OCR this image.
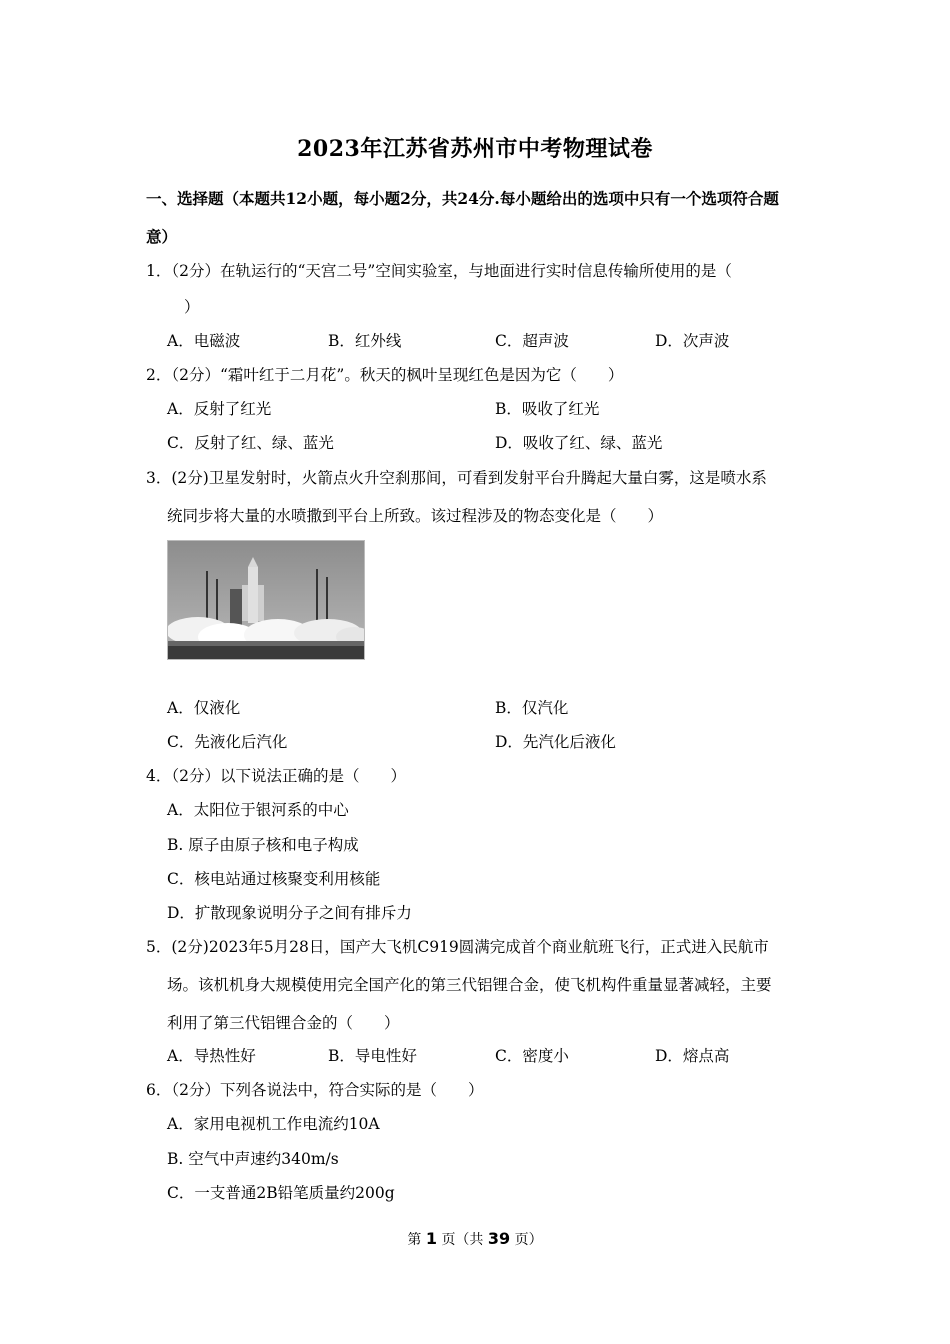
2023年江苏省苏州市中考物理试卷
一、选择题（本题共12小题，每小题2分，共24分.每小题给出的选项中只有一个选项符合题
意）
1．（2分）在轨运行的“天宫二号”空间实验室，与地面进行实时信息传输所使用的是（
）
A．电磁波	B．红外线	C．超声波	D．次声波
2．（2分）“霜叶红于二月花”。秋天的枫叶呈现红色是因为它（　　）
A．反射了红光	B．吸收了红光
C．反射了红、绿、蓝光	D．吸收了红、绿、蓝光
3．(2分)卫星发射时，火箭点火升空刹那间，可看到发射平台升腾起大量白雾，这是喷水系
统同步将大量的水喷撒到平台上所致。该过程涉及的物态变化是（　　）
A．仅液化	B．仅汽化
C．先液化后汽化	D．先汽化后液化
4．（2分）以下说法正确的是（　　）
A．太阳位于银河系的中心
B. 原子由原子核和电子构成
C．核电站通过核聚变利用核能
D．扩散现象说明分子之间有排斥力
5．(2分)2023年5月28日，国产大飞机C919圆满完成首个商业航班飞行，正式进入民航市
场。该机机身大规模使用完全国产化的第三代铝锂合金，使飞机构件重量显著减轻，主要
利用了第三代铝锂合金的（　　）
A．导热性好	B．导电性好	C．密度小	D．熔点高
6．（2分）下列各说法中，符合实际的是（　　）
A．家用电视机工作电流约10A
B. 空气中声速约340m/s
C．一支普通2B铅笔质量约200g
第 1 页（共 39 页）
